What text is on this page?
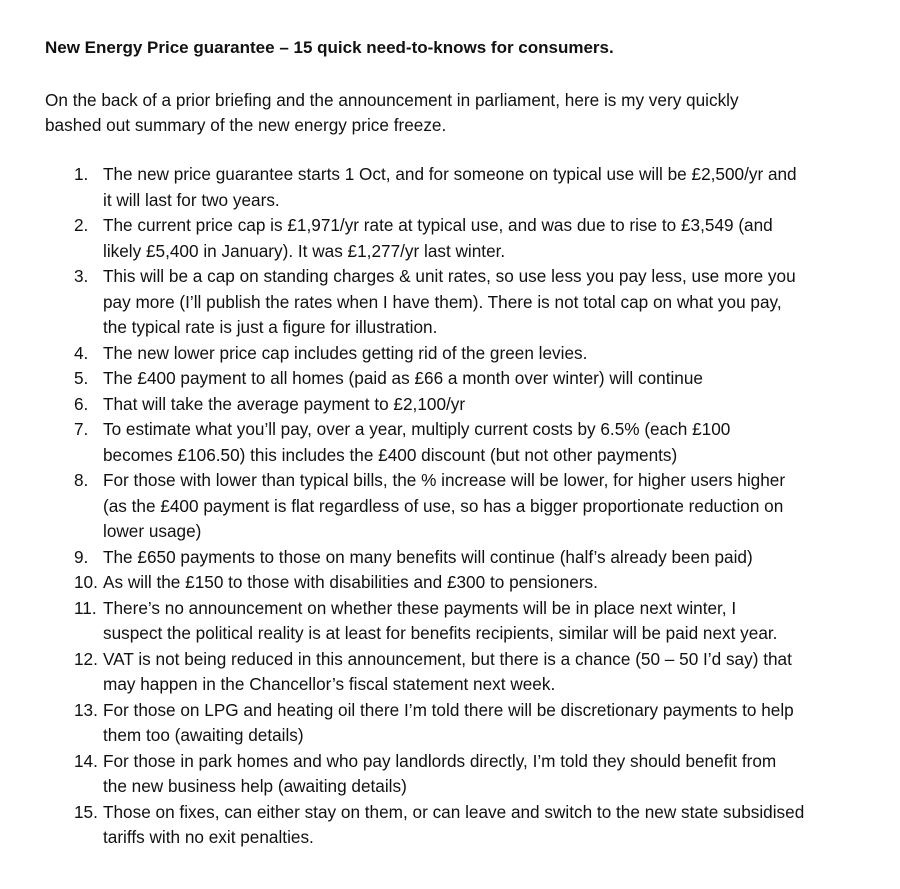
New Energy Price guarantee – 15 quick need-to-knows for consumers.
On the back of a prior briefing and the announcement in parliament, here is my very quickly
bashed out summary of the new energy price freeze.
1. The new price guarantee starts 1 Oct, and for someone on typical use will be £2,500/yr and
it will last for two years.
2. The current price cap is £1,971/yr rate at typical use, and was due to rise to £3,549 (and
likely £5,400 in January). It was £1,277/yr last winter.
3. This will be a cap on standing charges & unit rates, so use less you pay less, use more you
pay more (I’ll publish the rates when I have them). There is not total cap on what you pay,
the typical rate is just a figure for illustration.
4. The new lower price cap includes getting rid of the green levies.
5. The £400 payment to all homes (paid as £66 a month over winter) will continue
6. That will take the average payment to £2,100/yr
7. To estimate what you’ll pay, over a year, multiply current costs by 6.5% (each £100
becomes £106.50) this includes the £400 discount (but not other payments)
8. For those with lower than typical bills, the % increase will be lower, for higher users higher
(as the £400 payment is flat regardless of use, so has a bigger proportionate reduction on
lower usage)
9. The £650 payments to those on many benefits will continue (half’s already been paid)
10. As will the £150 to those with disabilities and £300 to pensioners.
11. There’s no announcement on whether these payments will be in place next winter, I
suspect the political reality is at least for benefits recipients, similar will be paid next year.
12. VAT is not being reduced in this announcement, but there is a chance (50 – 50 I’d say) that
may happen in the Chancellor’s fiscal statement next week.
13. For those on LPG and heating oil there I’m told there will be discretionary payments to help
them too (awaiting details)
14. For those in park homes and who pay landlords directly, I’m told they should benefit from
the new business help (awaiting details)
15. Those on fixes, can either stay on them, or can leave and switch to the new state subsidised
tariffs with no exit penalties.
